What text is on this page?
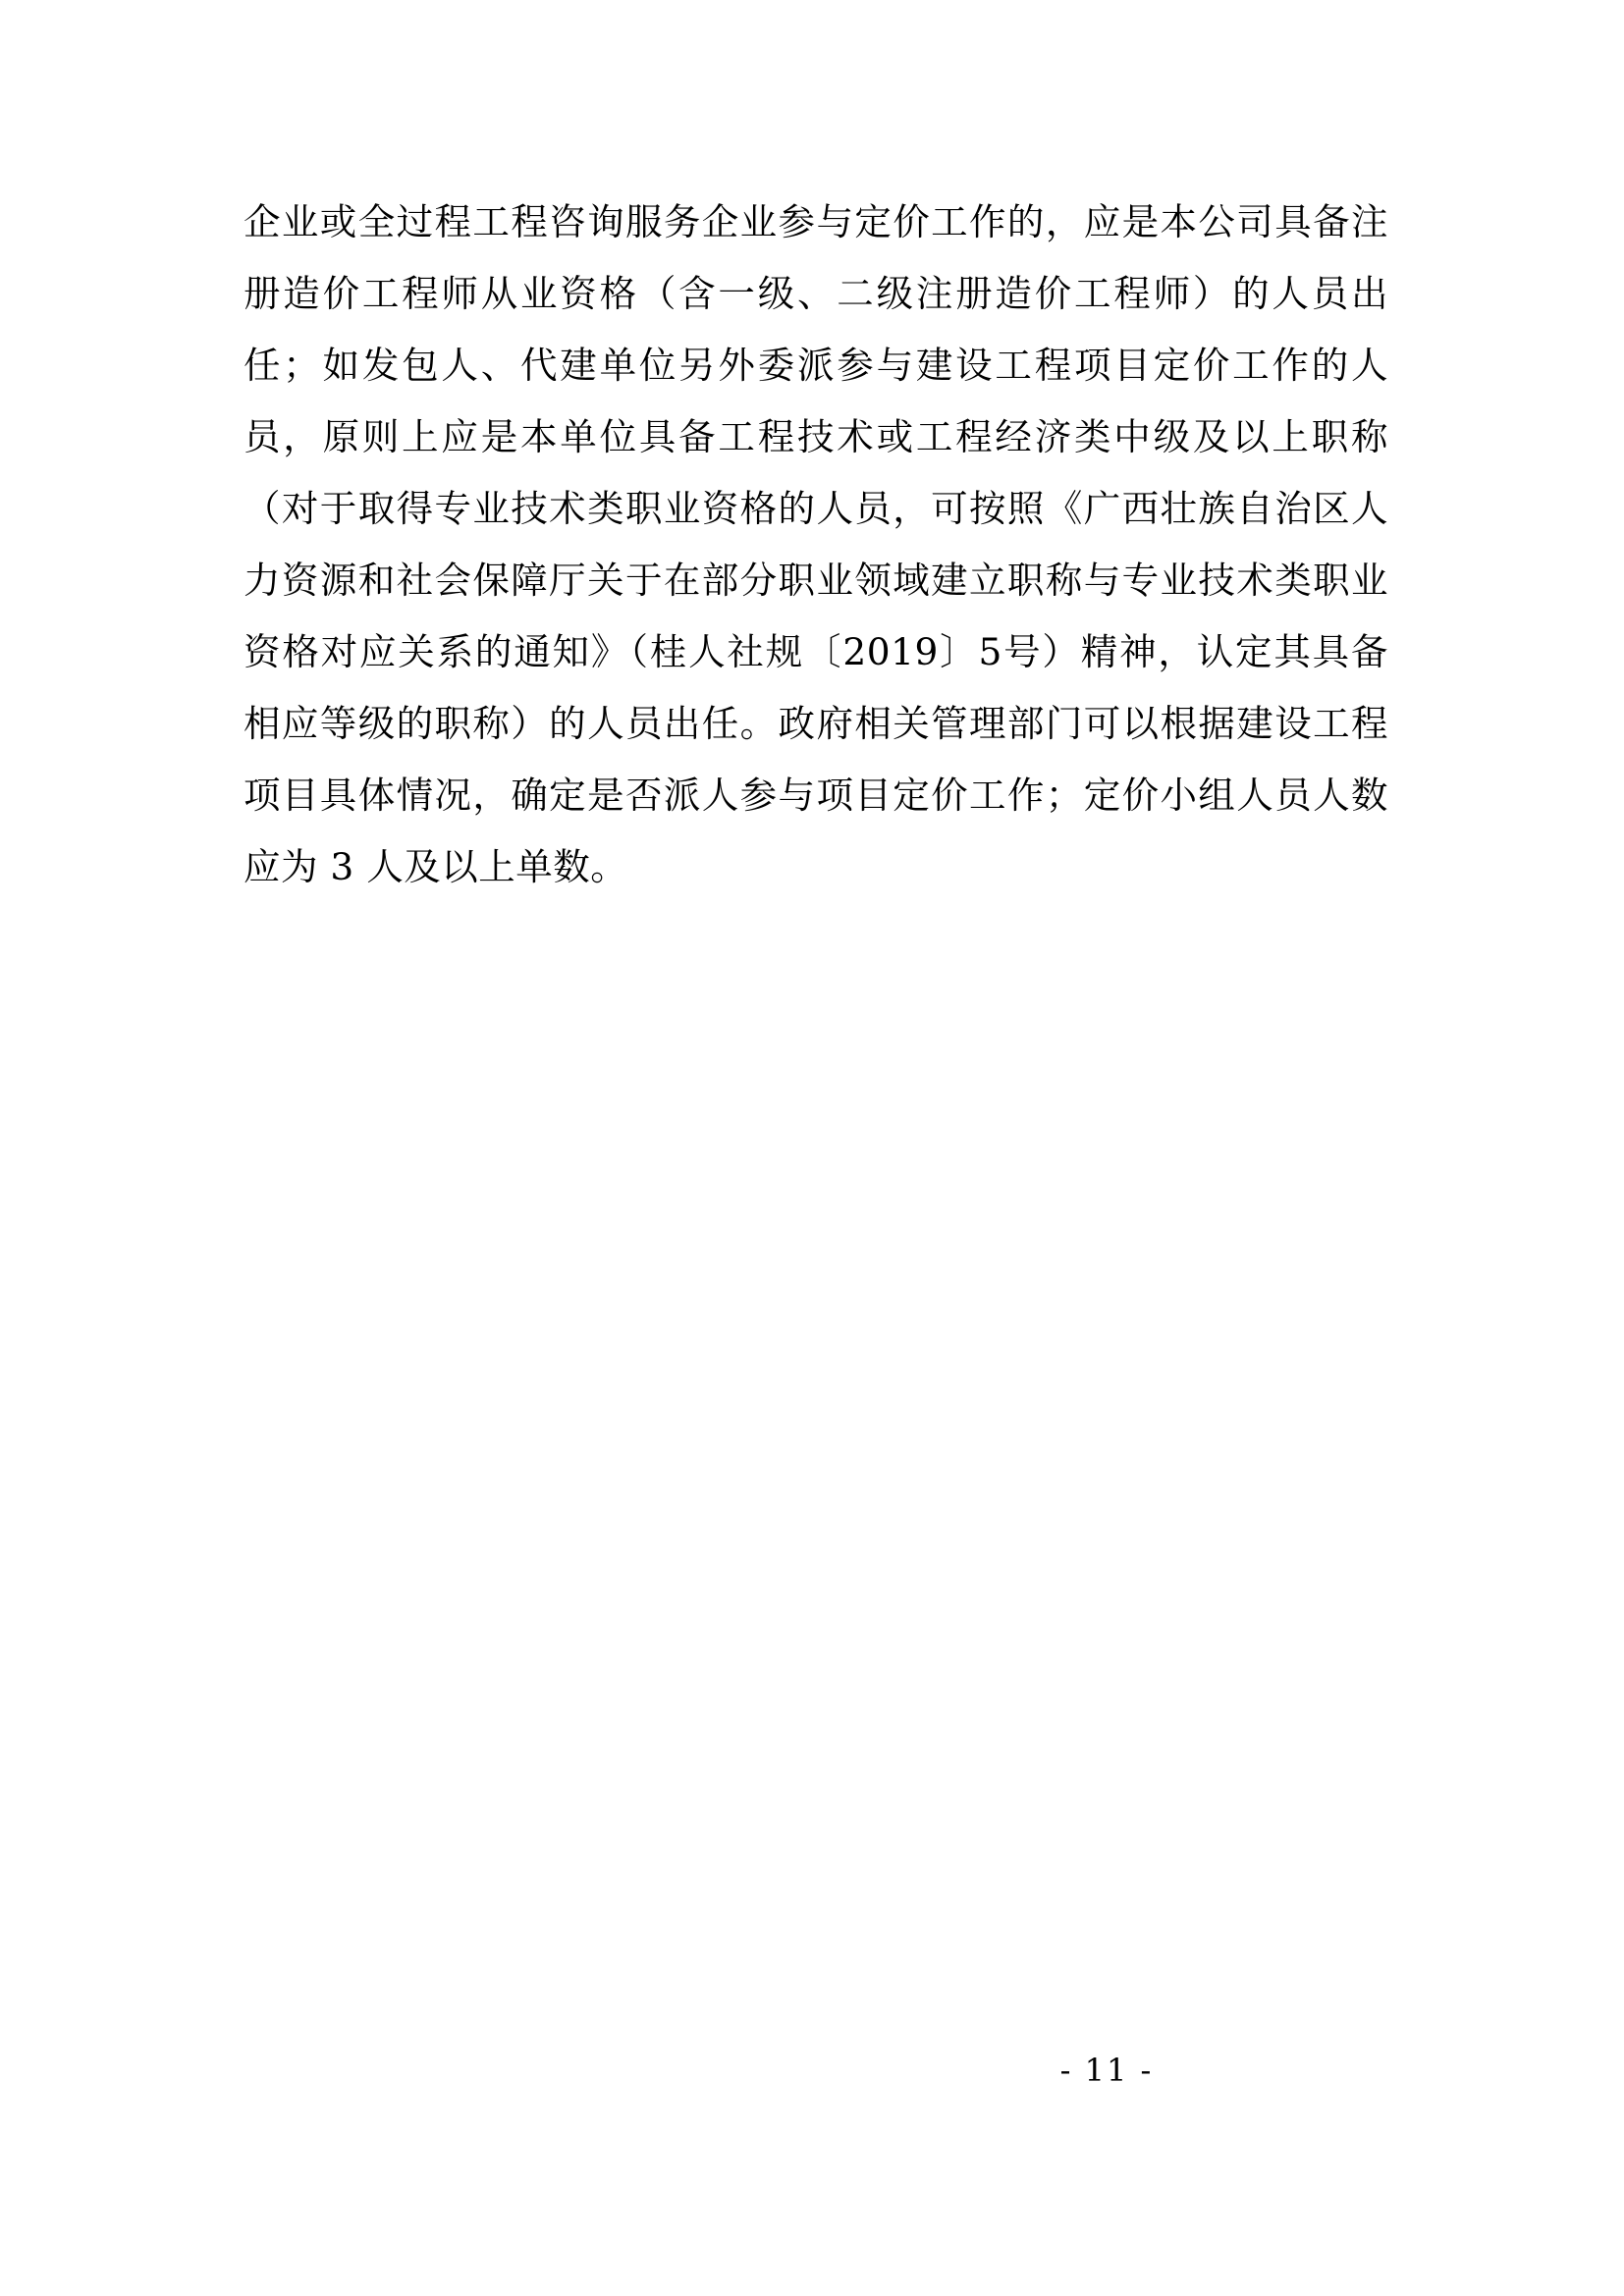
企业或全过程工程咨询服务企业参与定价工作的，应是本公司具备注册造价工程师从业资格（含一级、二级注册造价工程师）的人员出任；如发包人、代建单位另外委派参与建设工程项目定价工作的人员，原则上应是本单位具备工程技术或工程经济类中级及以上职称（对于取得专业技术类职业资格的人员，可按照《广西壮族自治区人力资源和社会保障厅关于在部分职业领域建立职称与专业技术类职业资格对应关系的通知》（桂人社规〔2019〕5号）精神，认定其具备相应等级的职称）的人员出任。政府相关管理部门可以根据建设工程项目具体情况，确定是否派人参与项目定价工作；定价小组人员人数应为 3 人及以上单数。

- 11 -
